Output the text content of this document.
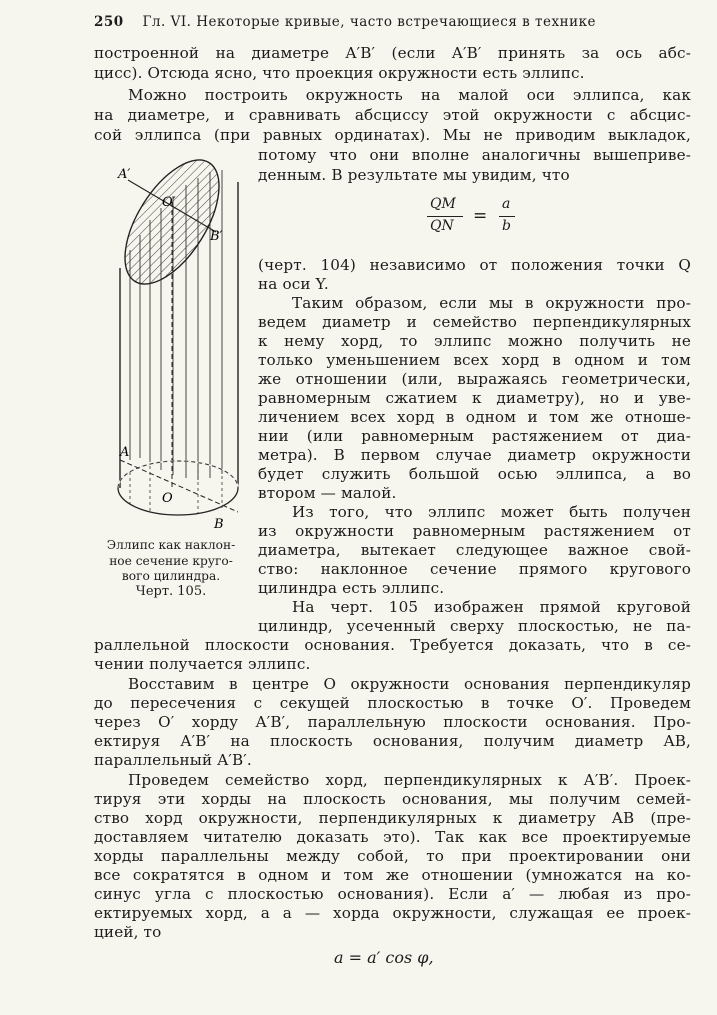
250 Гл. VI. Некоторые кривые, часто встречающиеся в технике
построенной на диаметре A′B′ (если A′B′ принять за ось абс-
цисс). Отсюда ясно, что проекция окружности есть эллипс.
Можно построить окружность на малой оси эллипса, как
на диаметре, и сравнивать абсциссу этой окружности с абсцис-
сой эллипса (при равных ординатах). Мы не приводим выкладок,
потому что они вполне аналогичны вышеприве-
денным. В результате мы увидим, что
QM
QN =
a
b
(черт. 104) независимо от положения точки Q
на оси Y.
Таким образом, если мы в окружности про-
ведем диаметр и семейство перпендикулярных
к нему хорд, то эллипс можно получить не
только уменьшением всех хорд в одном и том
же отношении (или, выражаясь геометрически,
равномерным сжатием к диаметру), но и уве-
личением всех хорд в одном и том же отноше-
нии (или равномерным растяжением от диа-
метра). В первом случае диаметр окружности
будет служить большой осью эллипса, а во
втором — малой.
Из того, что эллипс может быть получен
из окружности равномерным растяжением от
диаметра, вытекает следующее важное свой-
ство: наклонное сечение прямого кругового
цилиндра есть эллипс.
На черт. 105 изображен прямой круговой
цилиндр, усеченный сверху плоскостью, не па-
A′
O′
B′
A
O
B
Эллипс как наклон-
ное сечение круго-
вого цилиндра.
Черт. 105.
раллельной плоскости основания. Требуется доказать, что в се-
чении получается эллипс.
Восставим в центре O окружности основания перпендикуляр
до пересечения с секущей плоскостью в точке O′. Проведем
через O′ хорду A′B′, параллельную плоскости основания. Про-
ектируя A′B′ на плоскость основания, получим диаметр AB,
параллельный A′B′.
Проведем семейство хорд, перпендикулярных к A′B′. Проек-
тируя эти хорды на плоскость основания, мы получим семей-
ство хорд окружности, перпендикулярных к диаметру AB (пре-
доставляем читателю доказать это). Так как все проектируемые
хорды параллельны между собой, то при проектировании они
все сократятся в одном и том же отношении (умножатся на ко-
синус угла с плоскостью основания). Если a′ — любая из про-
ектируемых хорд, а a — хорда окружности, служащая ее проек-
цией, то
a = a′ cos φ,
